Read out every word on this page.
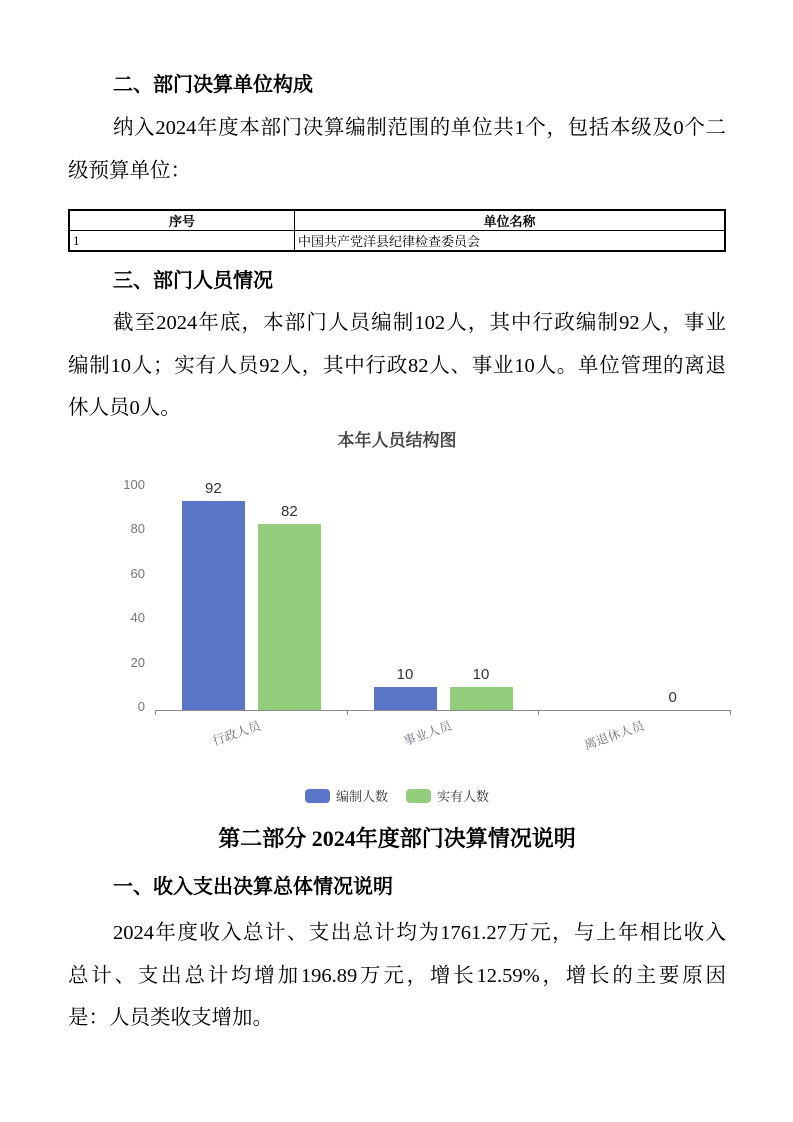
二、部门决算单位构成
纳入2024年度本部门决算编制范围的单位共1个，包括本级及0个二
级预算单位：
序号	单位名称
1	中国共产党洋县纪律检查委员会
三、部门人员情况
截至2024年底，本部门人员编制102人，其中行政编制92人，事业
编制10人；实有人员92人，其中行政82人、事业10人。单位管理的离退
休人员0人。
本年人员结构图
0
20
40
60
80
100	92
82
行政人员
10	10
事业人员
0
离退休人员
编制人数	实有人数
第二部分 2024年度部门决算情况说明
一、收入支出决算总体情况说明
2024年度收入总计、支出总计均为1761.27万元，与上年相比收入
总计、支出总计均增加196.89万元，增长12.59%，增长的主要原因
是：人员类收支增加。
